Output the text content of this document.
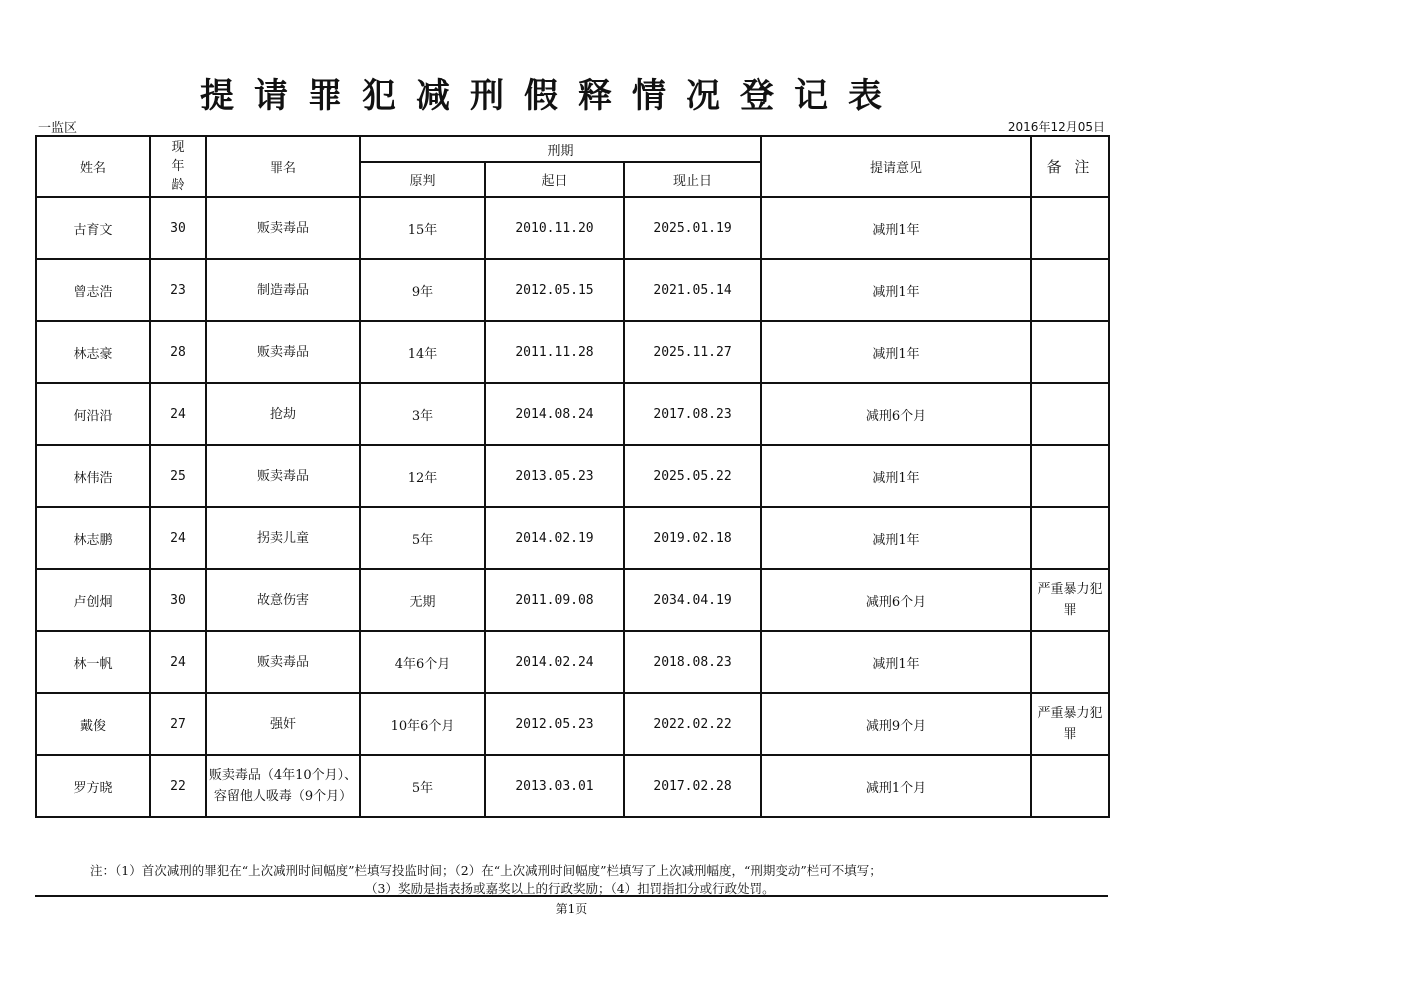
提请罪犯减刑假释情况登记表
一监区	2016年12月05日
姓名	现年龄	罪名	刑期			提请意见	备 注
			原判	起日	现止日		
古育文	30	贩卖毒品	15年	2010.11.20	2025.01.19	减刑1年	
曾志浩	23	制造毒品	9年	2012.05.15	2021.05.14	减刑1年	
林志豪	28	贩卖毒品	14年	2011.11.28	2025.11.27	减刑1年	
何沿沿	24	抢劫	3年	2014.08.24	2017.08.23	减刑6个月	
林伟浩	25	贩卖毒品	12年	2013.05.23	2025.05.22	减刑1年	
林志鹏	24	拐卖儿童	5年	2014.02.19	2019.02.18	减刑1年	
卢创炯	30	故意伤害	无期	2011.09.08	2034.04.19	减刑6个月	严重暴力犯罪
林一帆	24	贩卖毒品	4年6个月	2014.02.24	2018.08.23	减刑1年	
戴俊	27	强奸	10年6个月	2012.05.23	2022.02.22	减刑9个月	严重暴力犯罪
罗方晓	22	贩卖毒品（4年10个月）、容留他人吸毒（9个月）	5年	2013.03.01	2017.02.28	减刑1个月	
注：（1）首次减刑的罪犯在“上次减刑时间幅度”栏填写投监时间；（2）在“上次减刑时间幅度”栏填写了上次减刑幅度，“刑期变动”栏可不填写；
（3）奖励是指表扬或嘉奖以上的行政奖励；（4）扣罚指扣分或行政处罚。
第1页
